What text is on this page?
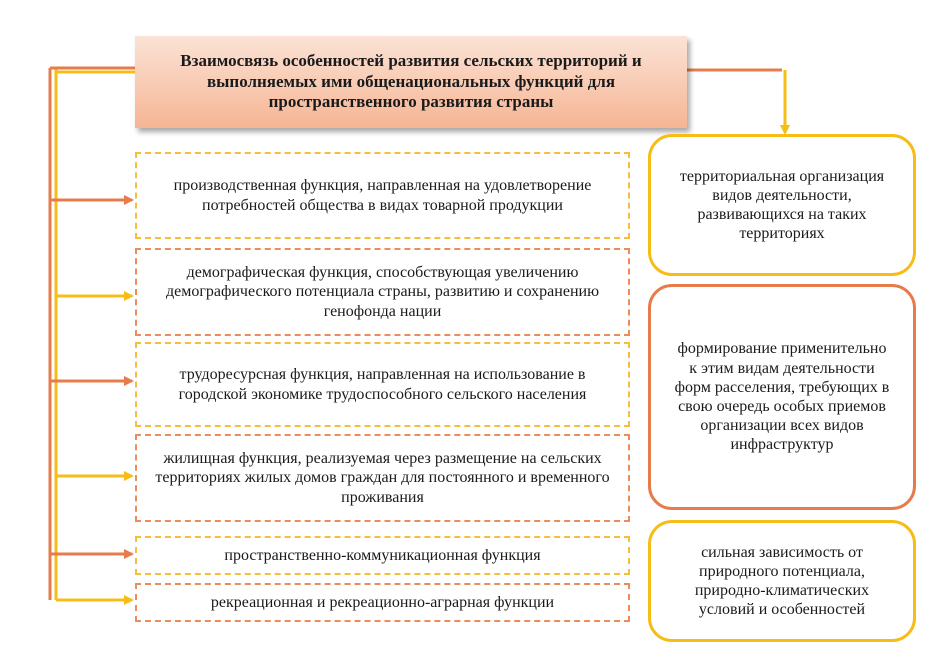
Взаимосвязь особенностей развития сельских территорий и выполняемых ими общенациональных функций для пространственного развития страны
производственная функция, направленная на удовлетворение потребностей общества в видах товарной продукции
демографическая функция, способствующая увеличению демографического потенциала страны, развитию и сохранению генофонда нации
трудоресурсная функция, направленная на использование в городской экономике трудоспособного сельского населения
жилищная функция, реализуемая через размещение на сельских территориях жилых домов граждан для постоянного и временного проживания
пространственно-коммуникационная функция
рекреационная и рекреационно-аграрная функции
территориальная организация видов деятельности, развивающихся на таких территориях
формирование применительно к этим видам деятельности форм расселения, требующих в свою очередь особых приемов организации всех видов инфраструктур
сильная зависимость от природного потенциала, природно-климатических условий и особенностей
